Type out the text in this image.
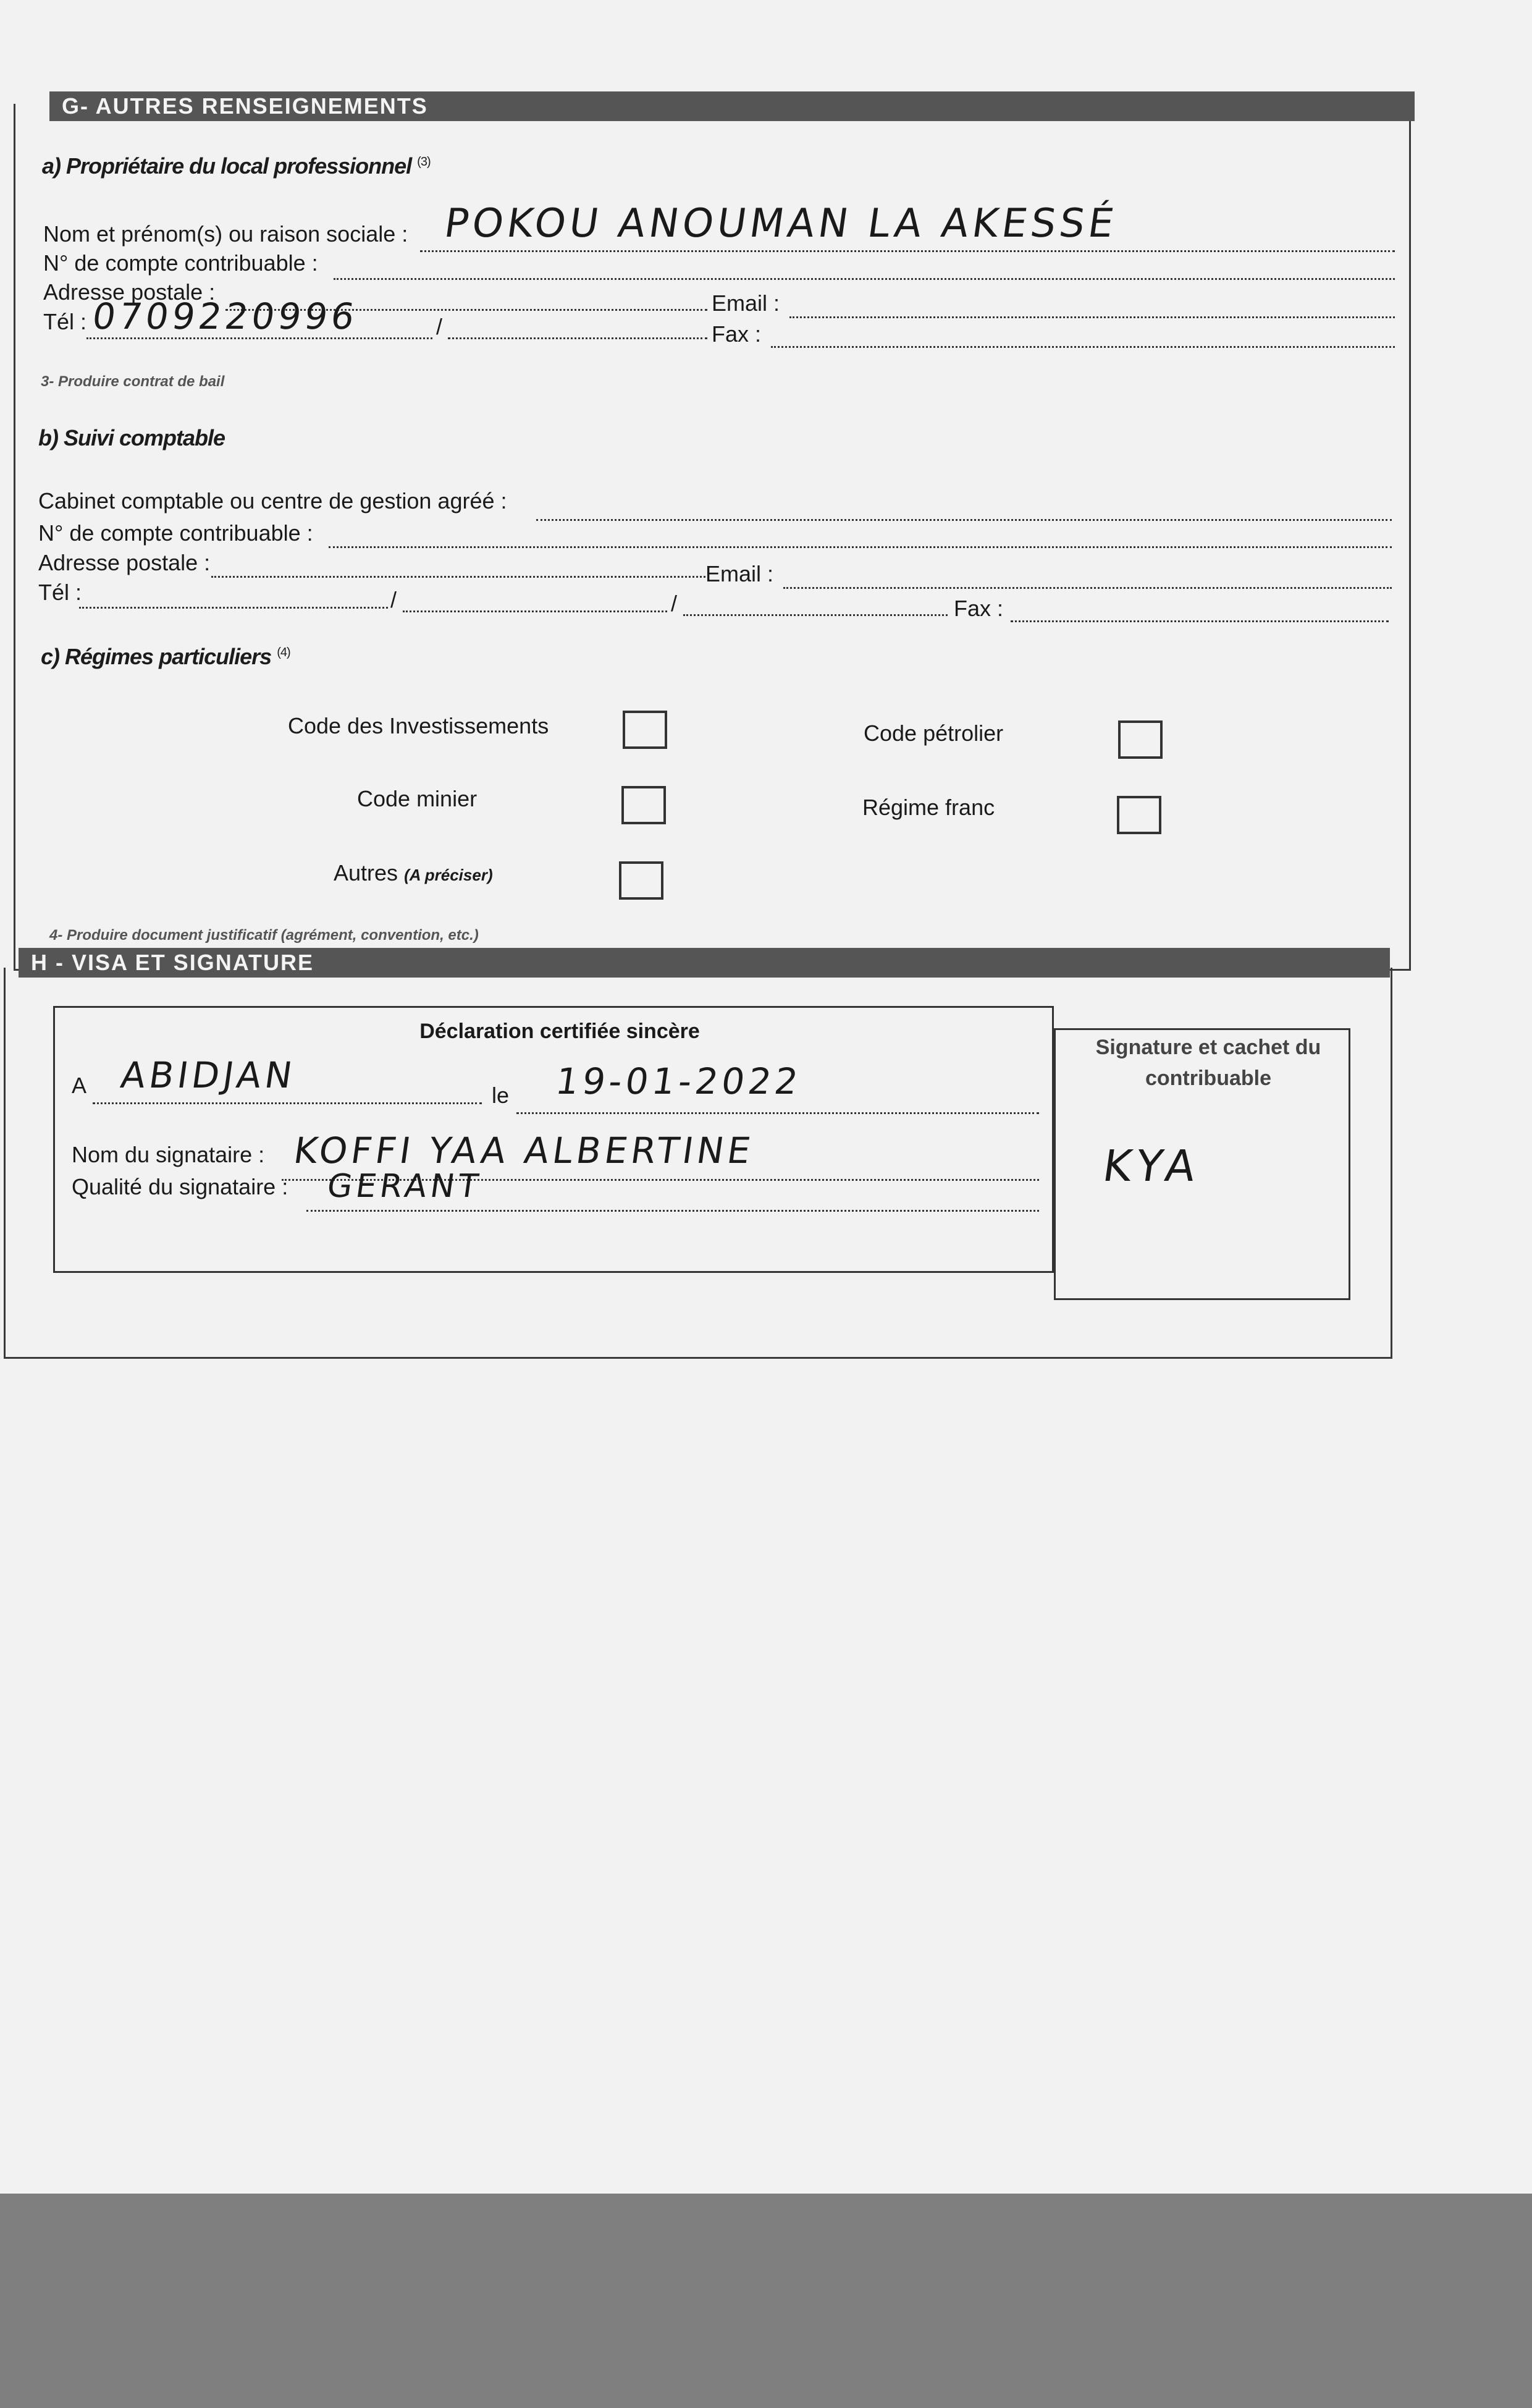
G- AUTRES RENSEIGNEMENTS
a) Propriétaire du local professionnel $^{(3)}$
Nom et prénom(s) ou raison sociale : POKOU ANOUMAN LA AKESSÉ
N° de compte contribuable :
Adresse postale :	Email :
Tél : 0709220996	/	Fax :
3- Produire contrat de bail
b) Suivi comptable
Cabinet comptable ou centre de gestion agréé :
N° de compte contribuable :
Adresse postale :	Email :
Tél :	/	/	Fax :
c) Régimes particuliers $^{(4)}$
Code des Investissements	Code pétrolier
Code minier	Régime franc
Autres (A préciser)
4- Produire document justificatif (agrément, convention, etc.)
H - VISA ET SIGNATURE
Déclaration certifiée sincère
A ABIDJAN	le 19-01-2022
Nom du signataire : KOFFI YAA ALBERTINE
Qualité du signataire : GERANT
Signature et cachet du contribuable
KYA
